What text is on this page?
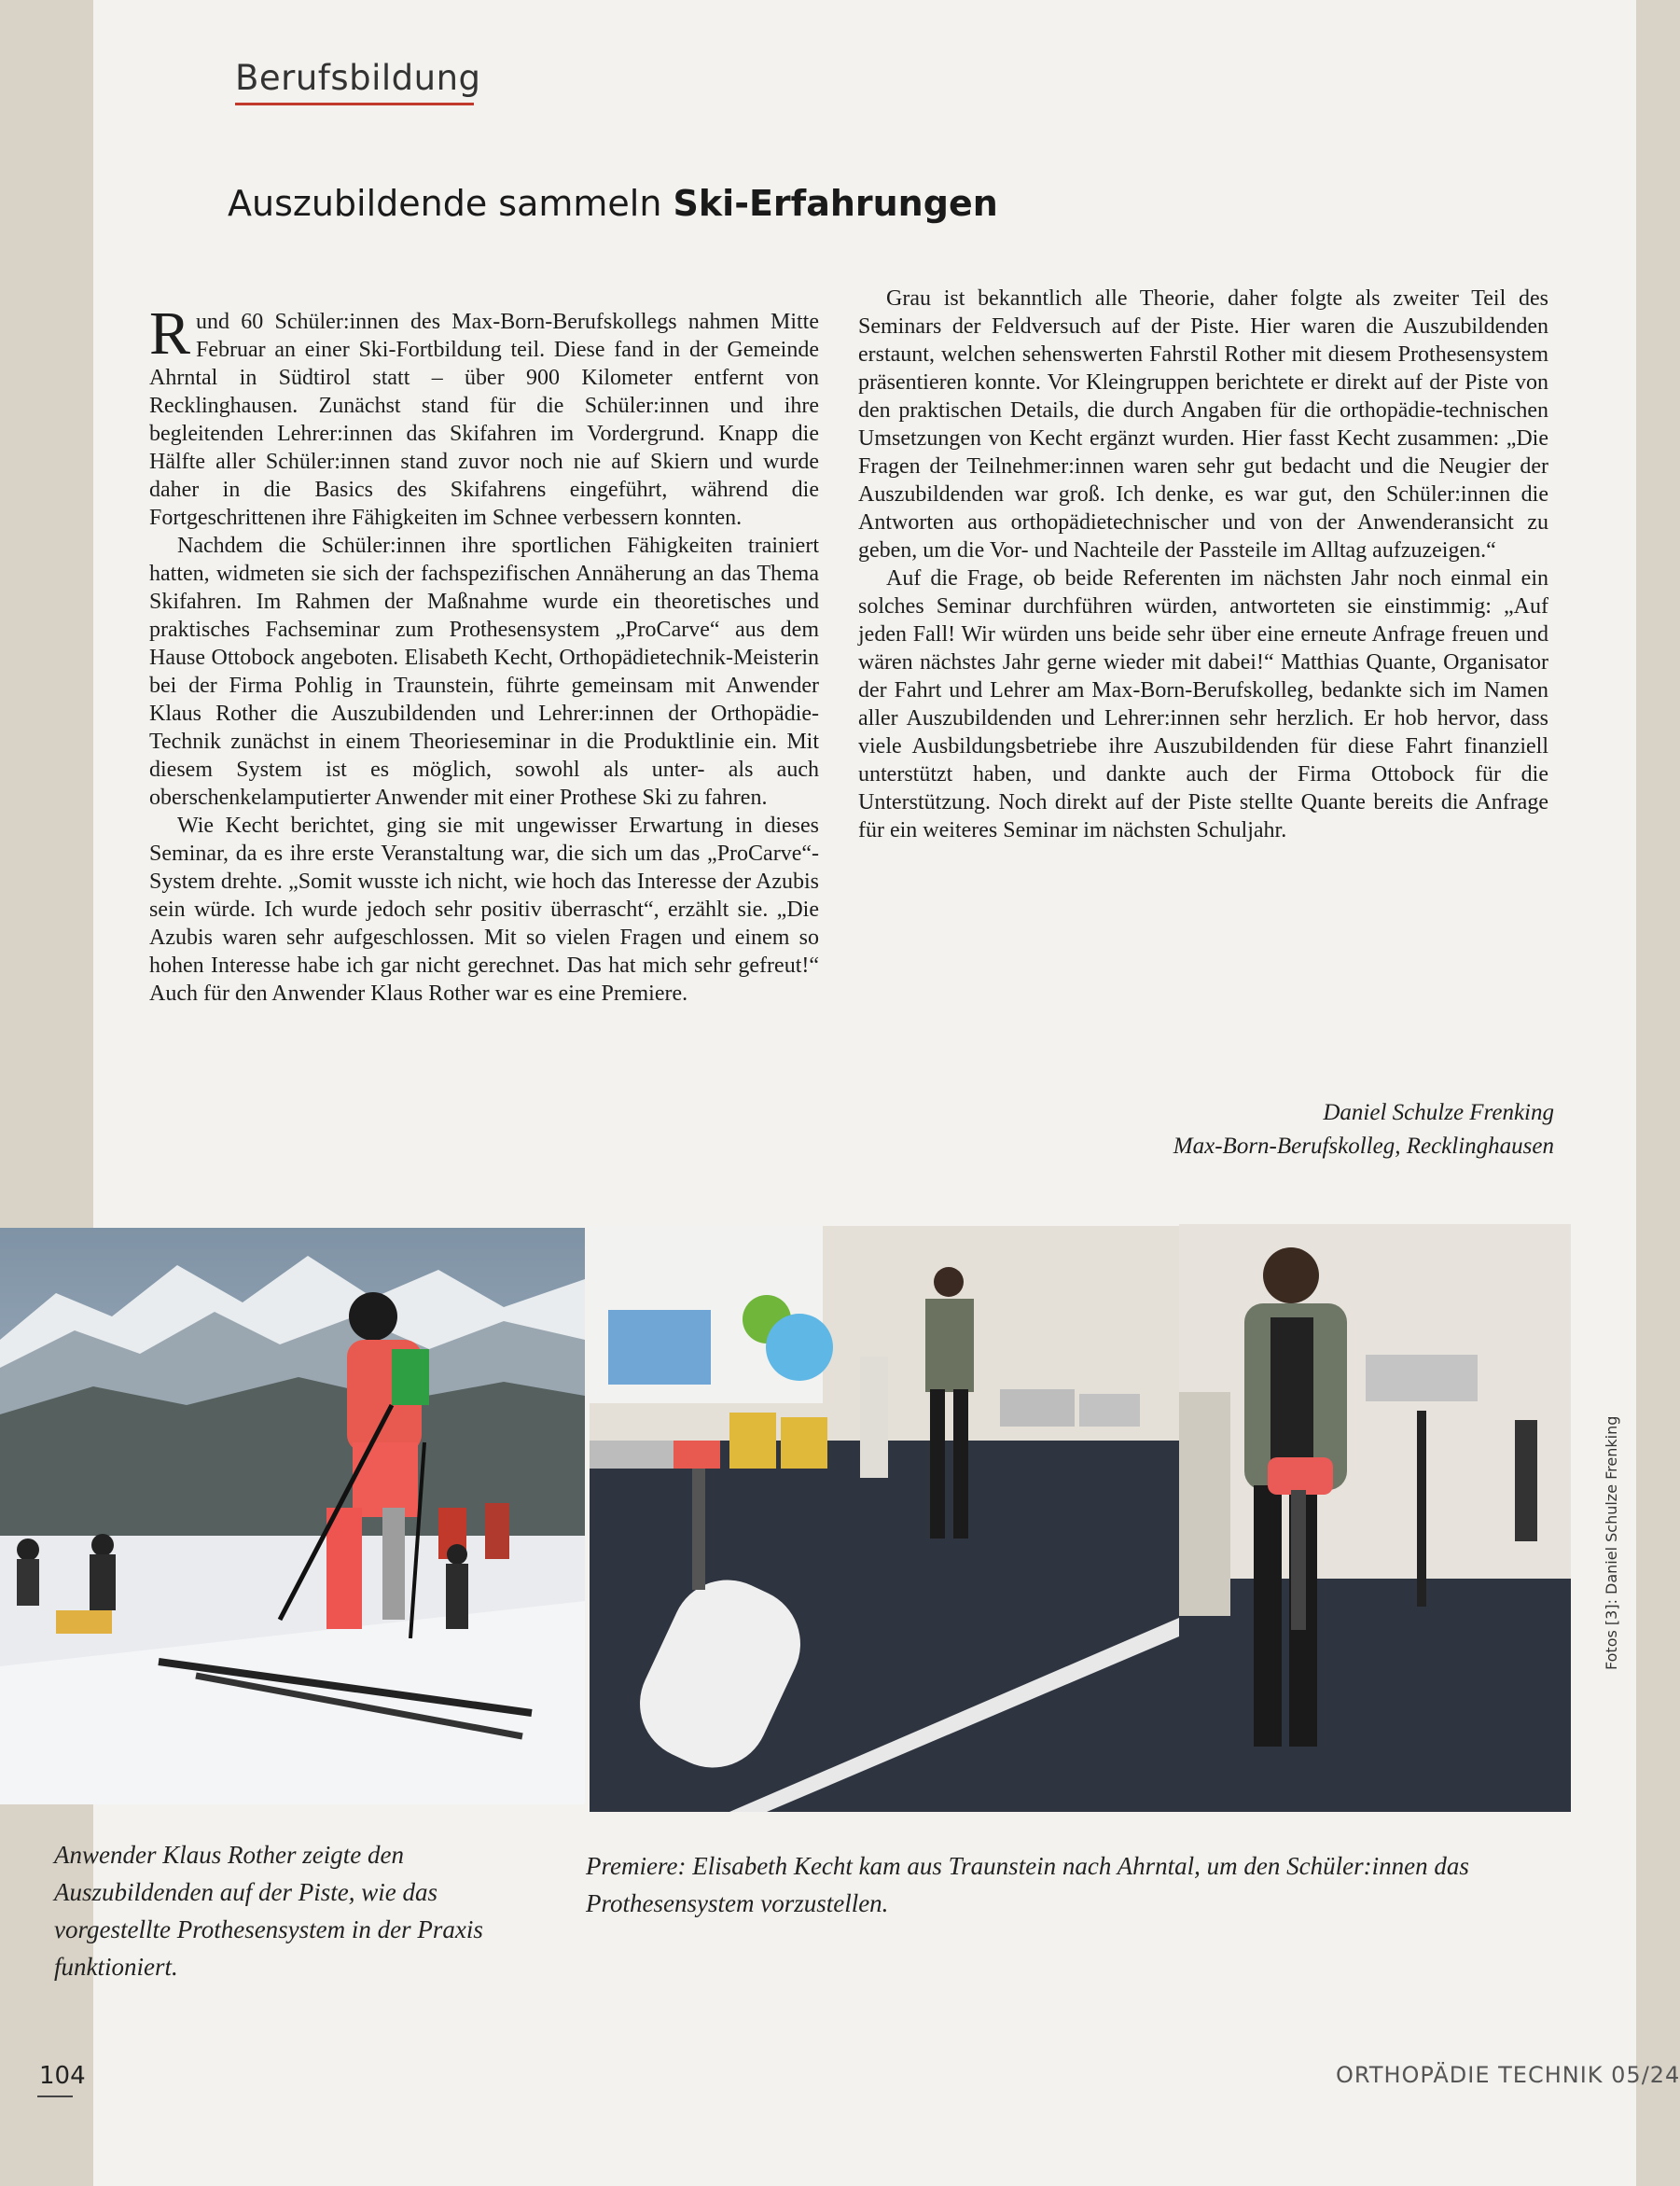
Berufsbildung
Auszubildende sammeln Ski-Erfahrungen

Rund 60 Schüler:innen des Max-Born-Berufskollegs nahmen Mitte Februar an einer Ski-Fortbildung teil. Diese fand in der Gemeinde Ahrntal in Südtirol statt – über 900 Kilometer entfernt von Recklinghausen. Zunächst stand für die Schüler:innen und ihre begleitenden Lehrer:innen das Skifahren im Vordergrund. Knapp die Hälfte aller Schüler:innen stand zuvor noch nie auf Skiern und wurde daher in die Basics des Skifahrens eingeführt, während die Fortgeschrittenen ihre Fähigkeiten im Schnee verbessern konnten.

Nachdem die Schüler:innen ihre sportlichen Fähigkeiten trainiert hatten, widmeten sie sich der fachspezifischen Annäherung an das Thema Skifahren. Im Rahmen der Maßnahme wurde ein theoretisches und praktisches Fachseminar zum Prothesensystem „ProCarve“ aus dem Hause Ottobock angeboten. Elisabeth Kecht, Orthopädietechnik-Meisterin bei der Firma Pohlig in Traunstein, führte gemeinsam mit Anwender Klaus Rother die Auszubildenden und Lehrer:innen der Orthopädie-Technik zunächst in einem Theorieseminar in die Produktlinie ein. Mit diesem System ist es möglich, sowohl als unter- als auch oberschenkelamputierter Anwender mit einer Prothese Ski zu fahren.

Wie Kecht berichtet, ging sie mit ungewisser Erwartung in dieses Seminar, da es ihre erste Veranstaltung war, die sich um das „ProCarve“-System drehte. „Somit wusste ich nicht, wie hoch das Interesse der Azubis sein würde. Ich wurde jedoch sehr positiv überrascht“, erzählt sie. „Die Azubis waren sehr aufgeschlossen. Mit so vielen Fragen und einem so hohen Interesse habe ich gar nicht gerechnet. Das hat mich sehr gefreut!“ Auch für den Anwender Klaus Rother war es eine Premiere.

Grau ist bekanntlich alle Theorie, daher folgte als zweiter Teil des Seminars der Feldversuch auf der Piste. Hier waren die Auszubildenden erstaunt, welchen sehenswerten Fahrstil Rother mit diesem Prothesensystem präsentieren konnte. Vor Kleingruppen berichtete er direkt auf der Piste von den praktischen Details, die durch Angaben für die orthopädie-technischen Umsetzungen von Kecht ergänzt wurden. Hier fasst Kecht zusammen: „Die Fragen der Teilnehmer:innen waren sehr gut bedacht und die Neugier der Auszubildenden war groß. Ich denke, es war gut, den Schüler:innen die Antworten aus orthopädietechnischer und von der Anwenderansicht zu geben, um die Vor- und Nachteile der Passteile im Alltag aufzuzeigen.“

Auf die Frage, ob beide Referenten im nächsten Jahr noch einmal ein solches Seminar durchführen würden, antworteten sie einstimmig: „Auf jeden Fall! Wir würden uns beide sehr über eine erneute Anfrage freuen und wären nächstes Jahr gerne wieder mit dabei!“ Matthias Quante, Organisator der Fahrt und Lehrer am Max-Born-Berufskolleg, bedankte sich im Namen aller Auszubildenden und Lehrer:innen sehr herzlich. Er hob hervor, dass viele Ausbildungsbetriebe ihre Auszubildenden für diese Fahrt finanziell unterstützt haben, und dankte auch der Firma Ottobock für die Unterstützung. Noch direkt auf der Piste stellte Quante bereits die Anfrage für ein weiteres Seminar im nächsten Schuljahr.

Daniel Schulze Frenking
Max-Born-Berufskolleg, Recklinghausen
Fotos [3]: Daniel Schulze Frenking
Anwender Klaus Rother zeigte den Auszubildenden auf der Piste, wie das vorgestellte Prothesensystem in der Praxis funktioniert.
Premiere: Elisabeth Kecht kam aus Traunstein nach Ahrntal, um den Schüler:innen das Prothesensystem vorzustellen.
104	ORTHOPÄDIE TECHNIK 05/24
